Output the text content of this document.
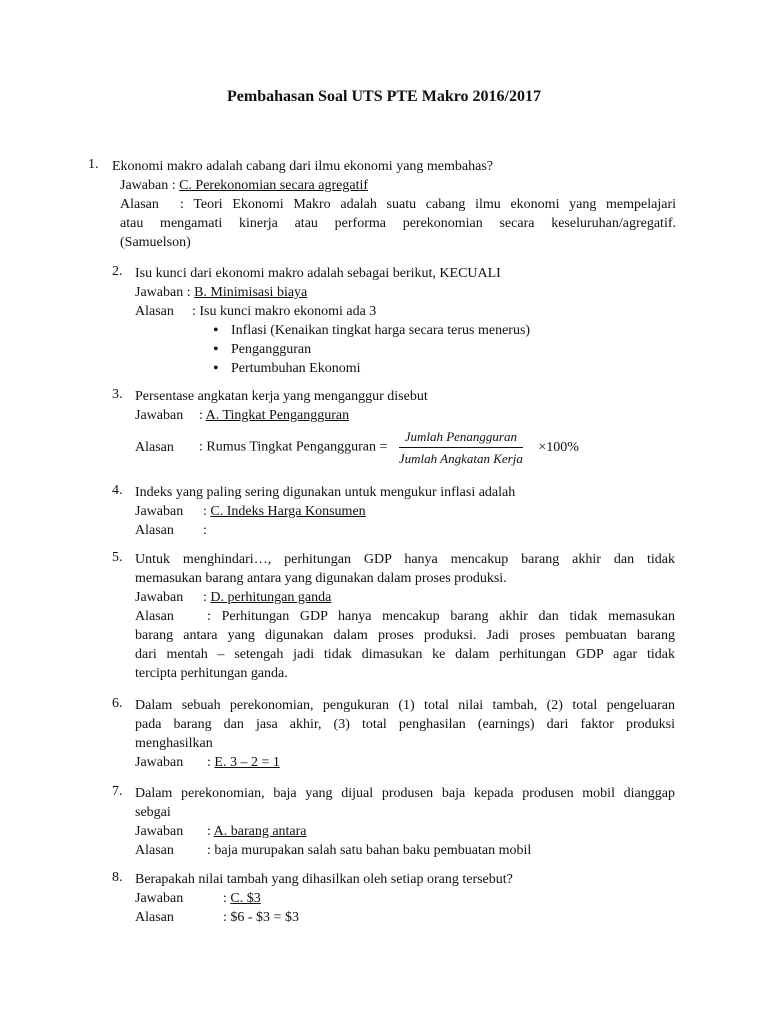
Pembahasan Soal UTS PTE Makro 2016/2017
1. Ekonomi makro adalah cabang dari ilmu ekonomi yang membahas?
Jawaban : C. Perekonomian secara agregatif
Alasan : Teori Ekonomi Makro adalah suatu cabang ilmu ekonomi yang mempelajari
atau mengamati kinerja atau performa perekonomian secara keseluruhan/agregatif.
(Samuelson)
2. Isu kunci dari ekonomi makro adalah sebagai berikut, KECUALI
Jawaban : B. Minimisasi biaya
Alasan : Isu kunci makro ekonomi ada 3
• Inflasi (Kenaikan tingkat harga secara terus menerus)
• Pengangguran
• Pertumbuhan Ekonomi
3. Persentase angkatan kerja yang menganggur disebut
Jawaban : A. Tingkat Pengangguran
Alasan : Rumus Tingkat Pengangguran = $\frac{\text{Jumlah Penangguran}}{\text{Jumlah Angkatan Kerja}} \times 100\%$
4. Indeks yang paling sering digunakan untuk mengukur inflasi adalah
Jawaban : C. Indeks Harga Konsumen
Alasan :
5. Untuk menghindari…, perhitungan GDP hanya mencakup barang akhir dan tidak
memasukan barang antara yang digunakan dalam proses produksi.
Jawaban : D. perhitungan ganda
Alasan : Perhitungan GDP hanya mencakup barang akhir dan tidak memasukan
barang antara yang digunakan dalam proses produksi. Jadi proses pembuatan barang
dari mentah – setengah jadi tidak dimasukan ke dalam perhitungan GDP agar tidak
tercipta perhitungan ganda.
6. Dalam sebuah perekonomian, pengukuran (1) total nilai tambah, (2) total pengeluaran
pada barang dan jasa akhir, (3) total penghasilan (earnings) dari faktor produksi
menghasilkan
Jawaban : E. 3 – 2 = 1
7. Dalam perekonomian, baja yang dijual produsen baja kepada produsen mobil dianggap
sebgai
Jawaban : A. barang antara
Alasan : baja murupakan salah satu bahan baku pembuatan mobil
8. Berapakah nilai tambah yang dihasilkan oleh setiap orang tersebut?
Jawaban	: C. $3
Alasan	: $6 - $3 = $3
